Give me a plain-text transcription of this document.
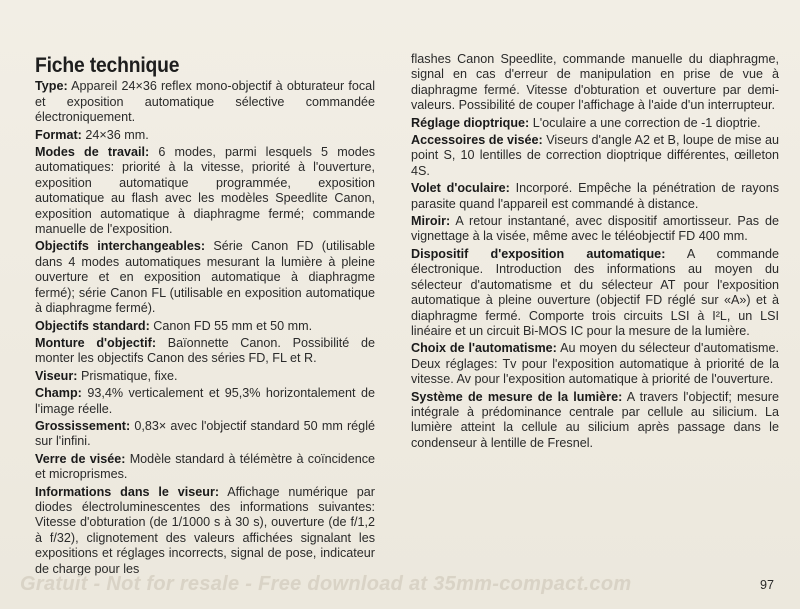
Fiche technique
Type: Appareil 24×36 reflex mono-objectif à obturateur focal et exposition automatique sélective commandée électroniquement.
Format: 24×36 mm.
Modes de travail: 6 modes, parmi lesquels 5 modes automatiques: priorité à la vitesse, priorité à l'ouverture, exposition automatique programmée, exposition automatique au flash avec les modèles Speedlite Canon, exposition automatique à diaphragme fermé; commande manuelle de l'exposition.
Objectifs interchangeables: Série Canon FD (utilisable dans 4 modes automatiques mesurant la lumière à pleine ouverture et en exposition automatique à diaphragme fermé); série Canon FL (utilisable en exposition automatique à diaphragme fermé).
Objectifs standard: Canon FD 55 mm et 50 mm.
Monture d'objectif: Baïonnette Canon. Possibilité de monter les objectifs Canon des séries FD, FL et R.
Viseur: Prismatique, fixe.
Champ: 93,4% verticalement et 95,3% horizontalement de l'image réelle.
Grossissement: 0,83× avec l'objectif standard 50 mm réglé sur l'infini.
Verre de visée: Modèle standard à télémètre à coïncidence et microprismes.
Informations dans le viseur: Affichage numérique par diodes électroluminescentes des informations suivantes: Vitesse d'obturation (de 1/1000 s à 30 s), ouverture (de f/1,2 à f/32), clignotement des valeurs affichées signalant les expositions et réglages incorrects, signal de pose, indicateur de charge pour les
flashes Canon Speedlite, commande manuelle du diaphragme, signal en cas d'erreur de manipulation en prise de vue à diaphragme fermé. Vitesse d'obturation et ouverture par demi-valeurs. Possibilité de couper l'affichage à l'aide d'un interrupteur.
Réglage dioptrique: L'oculaire a une correction de -1 dioptrie.
Accessoires de visée: Viseurs d'angle A2 et B, loupe de mise au point S, 10 lentilles de correction dioptrique différentes, œilleton 4S.
Volet d'oculaire: Incorporé. Empêche la pénétration de rayons parasite quand l'appareil est commandé à distance.
Miroir: A retour instantané, avec dispositif amortisseur. Pas de vignettage à la visée, même avec le téléobjectif FD 400 mm.
Dispositif d'exposition automatique: A commande électronique. Introduction des informations au moyen du sélecteur d'automatisme et du sélecteur AT pour l'exposition automatique à pleine ouverture (objectif FD réglé sur «A») et à diaphragme fermé. Comporte trois circuits LSI à I²L, un LSI linéaire et un circuit Bi-MOS IC pour la mesure de la lumière.
Choix de l'automatisme: Au moyen du sélecteur d'automatisme. Deux réglages: Tv pour l'exposition automatique à priorité de la vitesse. Av pour l'exposition automatique à priorité de l'ouverture.
Système de mesure de la lumière: A travers l'objectif; mesure intégrale à prédominance centrale par cellule au silicium. La lumière atteint la cellule au silicium après passage dans le condenseur à lentille de Fresnel.
Gratuit - Not for resale - Free download at 35mm-compact.com	97
